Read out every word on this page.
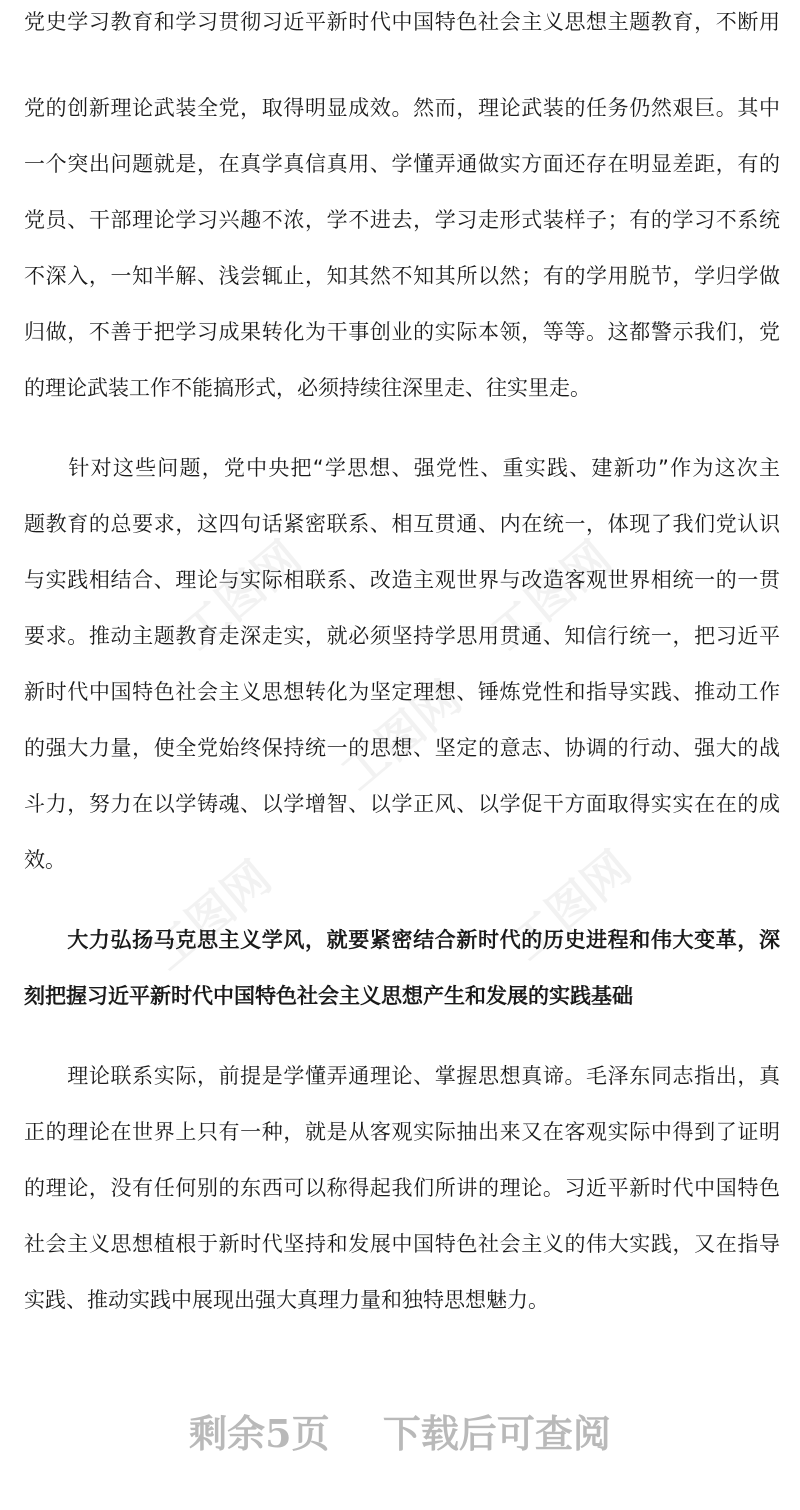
工图网	工图网
工图网
工图网	工图网
党史学习教育和学习贯彻习近平新时代中国特色社会主义思想主题教育，不断用
党的创新理论武装全党，取得明显成效。然而，理论武装的任务仍然艰巨。其中
一个突出问题就是，在真学真信真用、学懂弄通做实方面还存在明显差距，有的
党员、干部理论学习兴趣不浓，学不进去，学习走形式装样子；有的学习不系统
不深入，一知半解、浅尝辄止，知其然不知其所以然；有的学用脱节，学归学做
归做，不善于把学习成果转化为干事创业的实际本领，等等。这都警示我们，党
的理论武装工作不能搞形式，必须持续往深里走、往实里走。
　　针对这些问题，党中央把“学思想、强党性、重实践、建新功”作为这次主
题教育的总要求，这四句话紧密联系、相互贯通、内在统一，体现了我们党认识
与实践相结合、理论与实际相联系、改造主观世界与改造客观世界相统一的一贯
要求。推动主题教育走深走实，就必须坚持学思用贯通、知信行统一，把习近平
新时代中国特色社会主义思想转化为坚定理想、锤炼党性和指导实践、推动工作
的强大力量，使全党始终保持统一的思想、坚定的意志、协调的行动、强大的战
斗力，努力在以学铸魂、以学增智、以学正风、以学促干方面取得实实在在的成
效。
　　大力弘扬马克思主义学风，就要紧密结合新时代的历史进程和伟大变革，深
刻把握习近平新时代中国特色社会主义思想产生和发展的实践基础
　　理论联系实际，前提是学懂弄通理论、掌握思想真谛。毛泽东同志指出，真
正的理论在世界上只有一种，就是从客观实际抽出来又在客观实际中得到了证明
的理论，没有任何别的东西可以称得起我们所讲的理论。习近平新时代中国特色
社会主义思想植根于新时代坚持和发展中国特色社会主义的伟大实践，又在指导
实践、推动实践中展现出强大真理力量和独特思想魅力。
剩余5页 下载后可查阅
